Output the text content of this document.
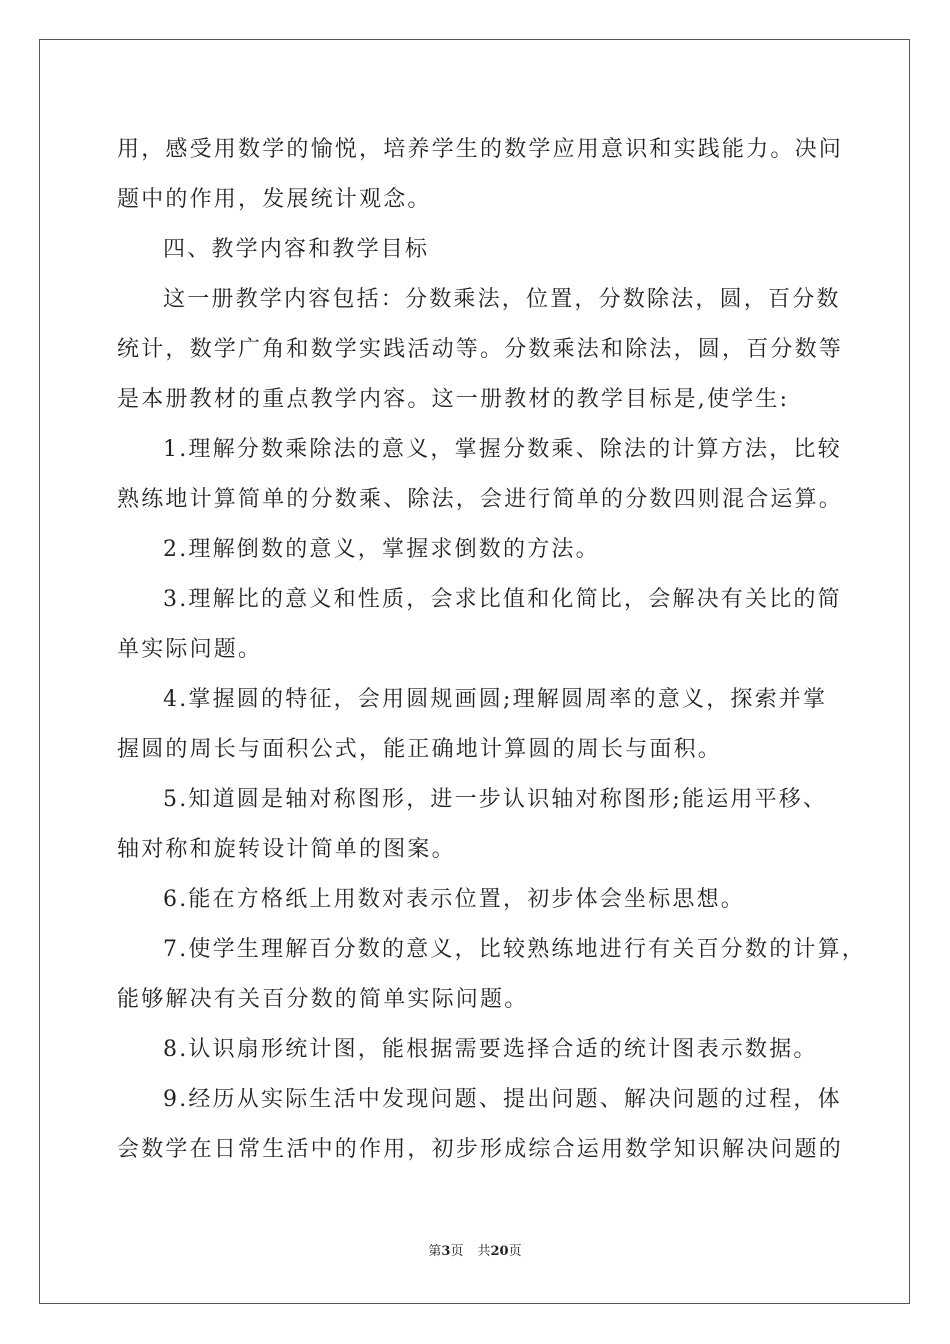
用，感受用数学的愉悦，培养学生的数学应用意识和实践能力。决问
题中的作用，发展统计观念。
四、教学内容和教学目标
这一册教学内容包括：分数乘法，位置，分数除法，圆，百分数
统计，数学广角和数学实践活动等。分数乘法和除法，圆，百分数等
是本册教材的重点教学内容。这一册教材的教学目标是,使学生:
1.理解分数乘除法的意义，掌握分数乘、除法的计算方法，比较
熟练地计算简单的分数乘、除法，会进行简单的分数四则混合运算。
2.理解倒数的意义，掌握求倒数的方法。
3.理解比的意义和性质，会求比值和化简比，会解决有关比的简
单实际问题。
4.掌握圆的特征，会用圆规画圆;理解圆周率的意义，探索并掌
握圆的周长与面积公式，能正确地计算圆的周长与面积。
5.知道圆是轴对称图形，进一步认识轴对称图形;能运用平移、
轴对称和旋转设计简单的图案。
6.能在方格纸上用数对表示位置，初步体会坐标思想。
7.使学生理解百分数的意义，比较熟练地进行有关百分数的计算，
能够解决有关百分数的简单实际问题。
8.认识扇形统计图，能根据需要选择合适的统计图表示数据。
9.经历从实际生活中发现问题、提出问题、解决问题的过程，体
会数学在日常生活中的作用，初步形成综合运用数学知识解决问题的
第3页 共20页
